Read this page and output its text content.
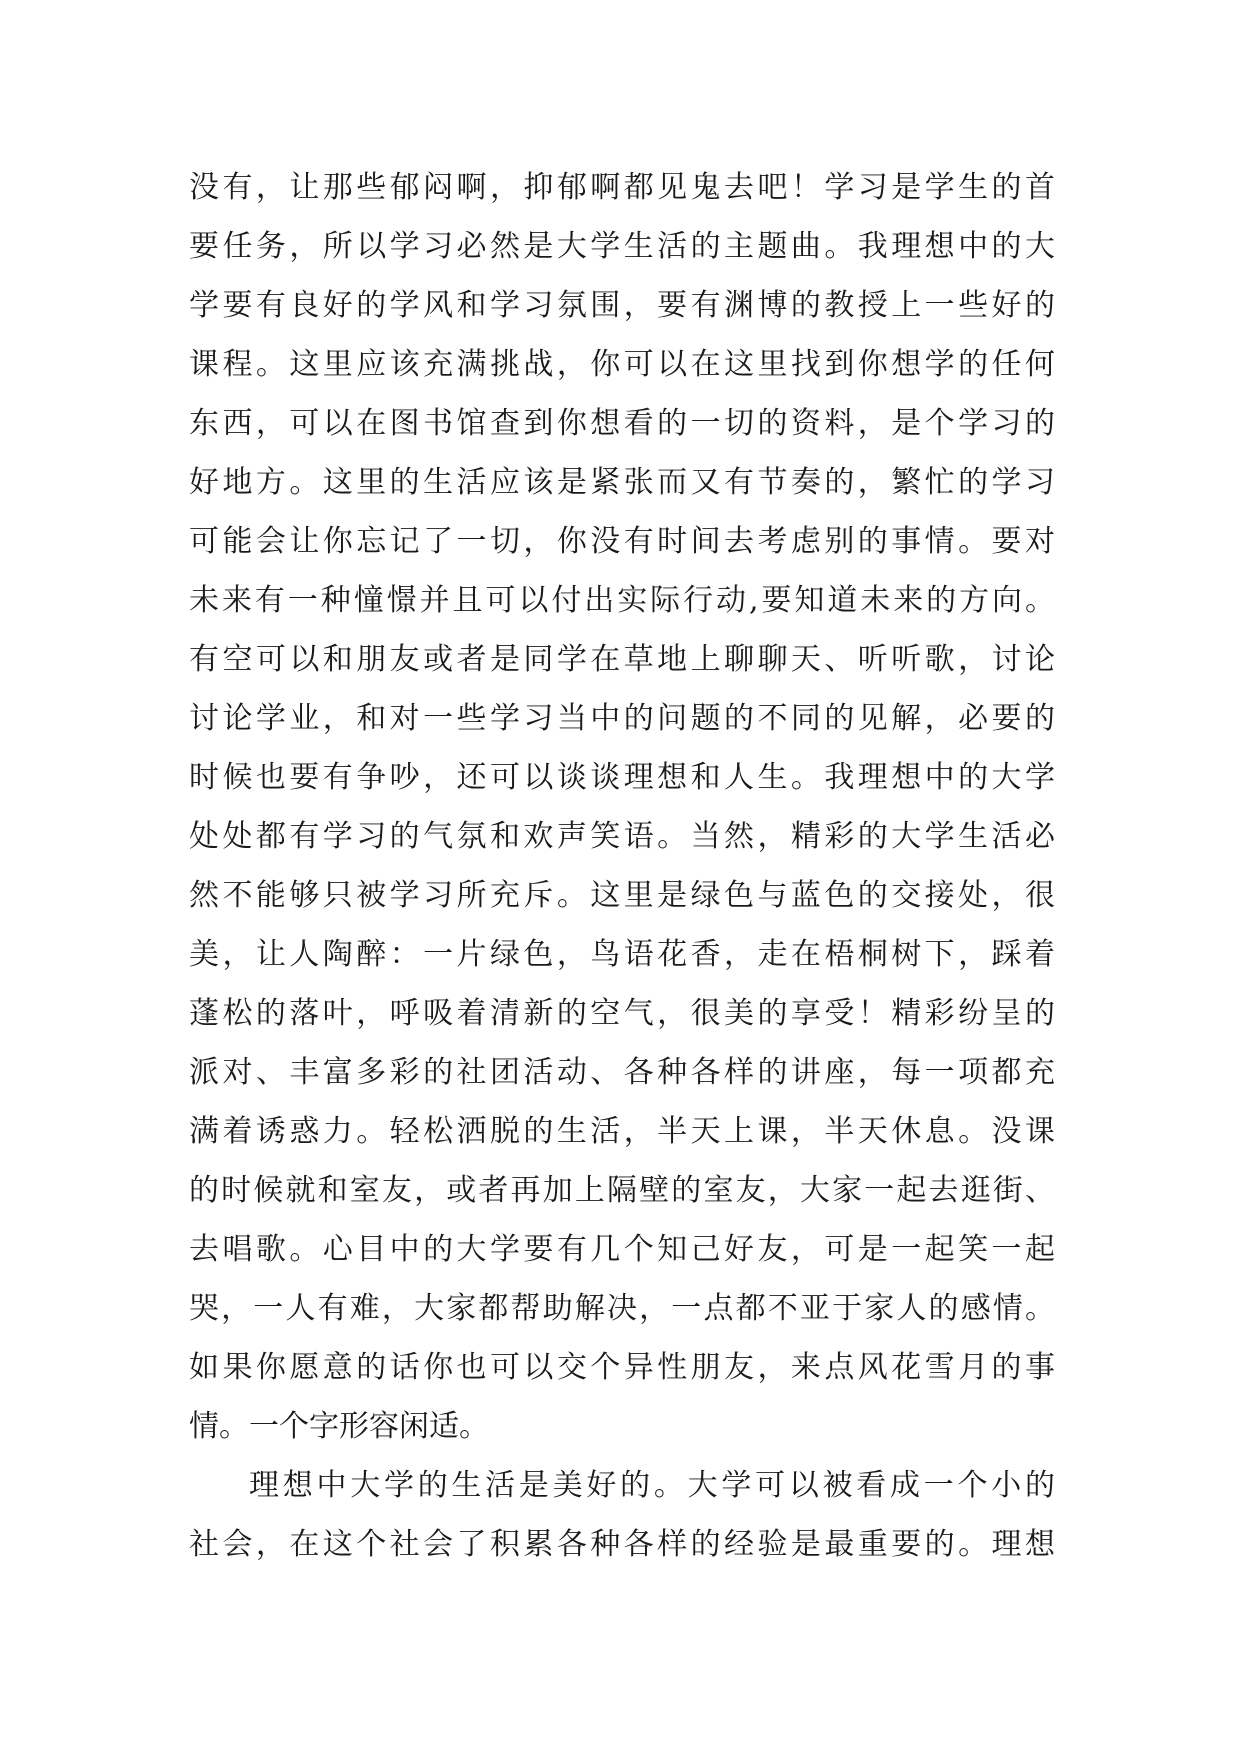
没有，让那些郁闷啊，抑郁啊都见鬼去吧！学习是学生的首
要任务，所以学习必然是大学生活的主题曲。我理想中的大
学要有良好的学风和学习氛围，要有渊博的教授上一些好的
课程。这里应该充满挑战，你可以在这里找到你想学的任何
东西，可以在图书馆查到你想看的一切的资料，是个学习的
好地方。这里的生活应该是紧张而又有节奏的，繁忙的学习
可能会让你忘记了一切，你没有时间去考虑别的事情。要对
未来有一种憧憬并且可以付出实际行动,要知道未来的方向。
有空可以和朋友或者是同学在草地上聊聊天、听听歌，讨论
讨论学业，和对一些学习当中的问题的不同的见解，必要的
时候也要有争吵，还可以谈谈理想和人生。我理想中的大学
处处都有学习的气氛和欢声笑语。当然，精彩的大学生活必
然不能够只被学习所充斥。这里是绿色与蓝色的交接处，很
美，让人陶醉：一片绿色，鸟语花香，走在梧桐树下，踩着
蓬松的落叶，呼吸着清新的空气，很美的享受！精彩纷呈的
派对、丰富多彩的社团活动、各种各样的讲座，每一项都充
满着诱惑力。轻松洒脱的生活，半天上课，半天休息。没课
的时候就和室友，或者再加上隔壁的室友，大家一起去逛街、
去唱歌。心目中的大学要有几个知己好友，可是一起笑一起
哭，一人有难，大家都帮助解决，一点都不亚于家人的感情。
如果你愿意的话你也可以交个异性朋友，来点风花雪月的事
情。一个字形容闲适。
理想中大学的生活是美好的。大学可以被看成一个小的
社会，在这个社会了积累各种各样的经验是最重要的。理想
